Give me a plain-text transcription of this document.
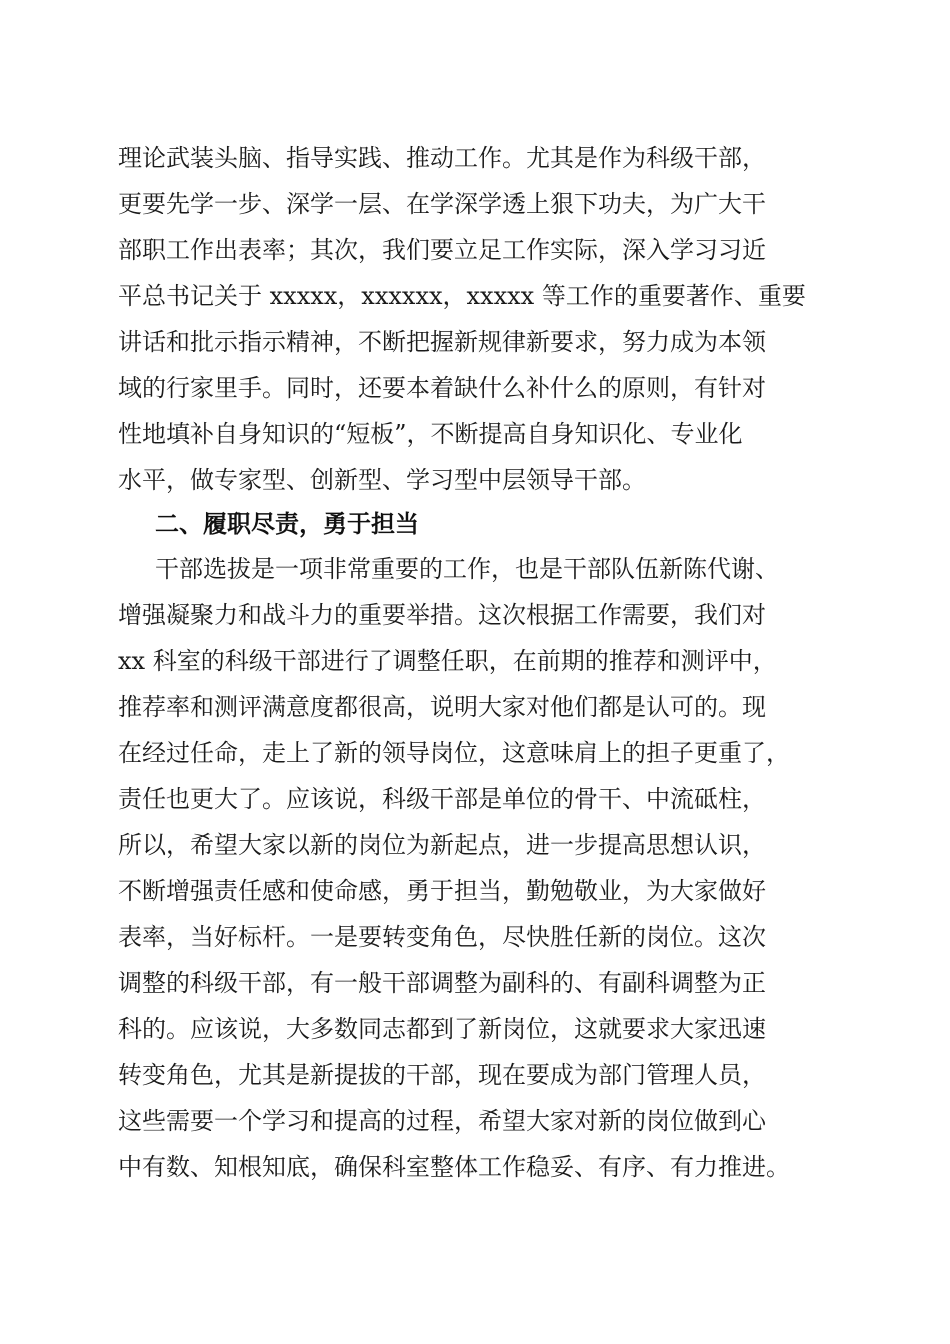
理论武装头脑、指导实践、推动工作。尤其是作为科级干部，
更要先学一步、深学一层、在学深学透上狠下功夫，为广大干
部职工作出表率；其次，我们要立足工作实际，深入学习习近
平总书记关于 xxxxx，xxxxxx，xxxxx 等工作的重要著作、重要
讲话和批示指示精神，不断把握新规律新要求，努力成为本领
域的行家里手。同时，还要本着缺什么补什么的原则，有针对
性地填补自身知识的“短板”，不断提高自身知识化、专业化
水平，做专家型、创新型、学习型中层领导干部。
二、履职尽责，勇于担当
干部选拔是一项非常重要的工作，也是干部队伍新陈代谢、
增强凝聚力和战斗力的重要举措。这次根据工作需要，我们对
xx 科室的科级干部进行了调整任职，在前期的推荐和测评中，
推荐率和测评满意度都很高，说明大家对他们都是认可的。现
在经过任命，走上了新的领导岗位，这意味肩上的担子更重了，
责任也更大了。应该说，科级干部是单位的骨干、中流砥柱，
所以，希望大家以新的岗位为新起点，进一步提高思想认识，
不断增强责任感和使命感，勇于担当，勤勉敬业，为大家做好
表率，当好标杆。一是要转变角色，尽快胜任新的岗位。这次
调整的科级干部，有一般干部调整为副科的、有副科调整为正
科的。应该说，大多数同志都到了新岗位，这就要求大家迅速
转变角色，尤其是新提拔的干部，现在要成为部门管理人员，
这些需要一个学习和提高的过程，希望大家对新的岗位做到心
中有数、知根知底，确保科室整体工作稳妥、有序、有力推进。
